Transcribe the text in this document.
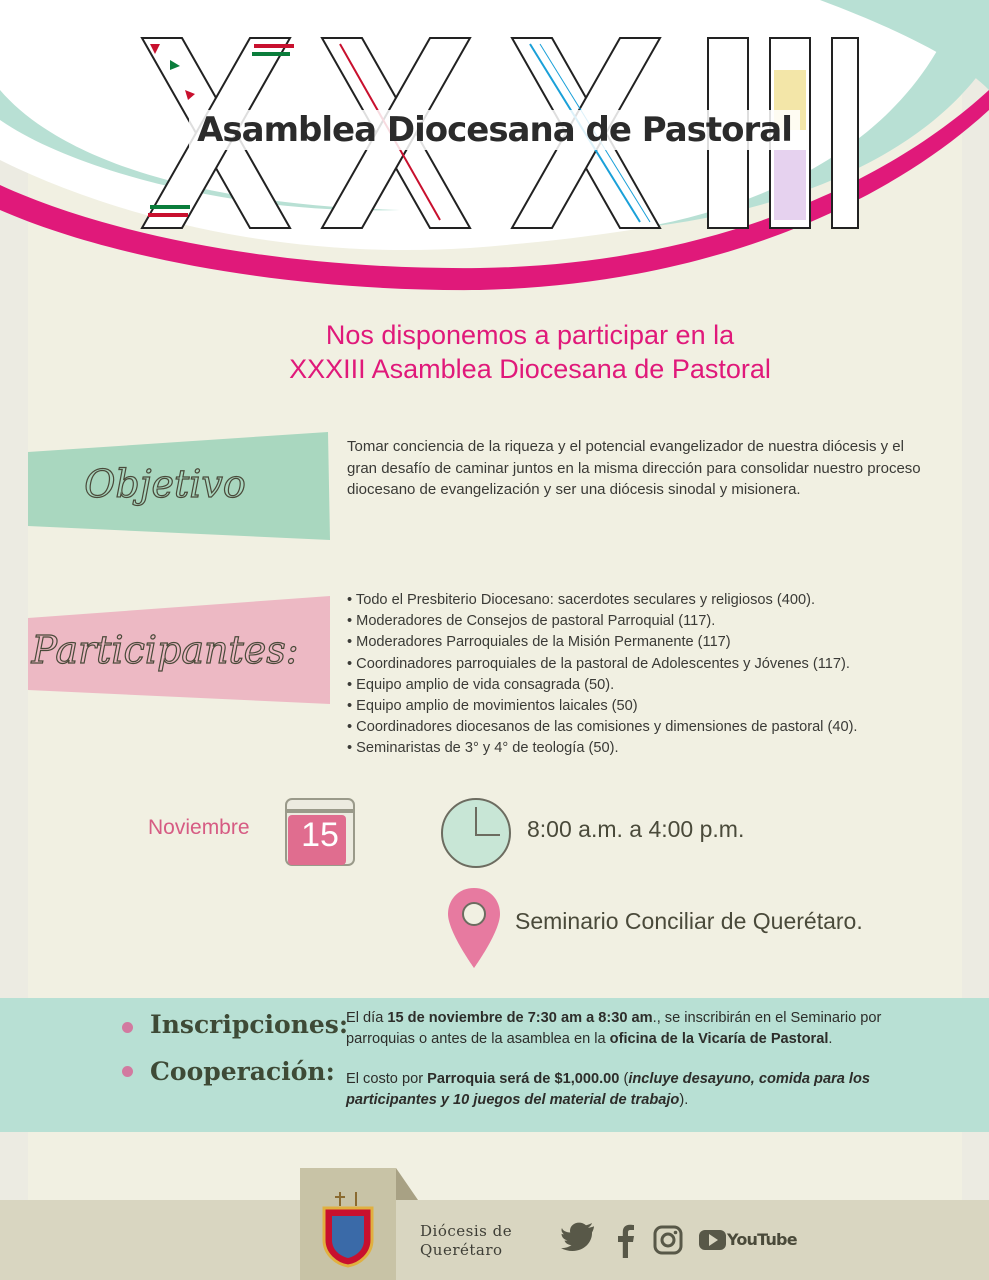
Asamblea Diocesana de Pastoral
Nos disponemos a participar en la
XXXIII Asamblea Diocesana de Pastoral
Objetivo

Tomar conciencia de la riqueza y el potencial evangelizador de nuestra diócesis y el gran desafío de caminar juntos en la misma dirección para consolidar nuestro proceso diocesano de evangelización y ser una diócesis sinodal y misionera.

Participantes:
• Todo el Presbiterio Diocesano: sacerdotes seculares y religiosos (400).
• Moderadores de Consejos de pastoral Parroquial (117).
• Moderadores Parroquiales de la Misión Permanente (117)
• Coordinadores parroquiales de la pastoral de Adolescentes y Jóvenes (117).
• Equipo amplio de vida consagrada (50).
• Equipo amplio de movimientos laicales (50)
• Coordinadores diocesanos de las comisiones y dimensiones de pastoral (40).
• Seminaristas de 3° y 4° de teología (50).
Noviembre	15	8:00 a.m. a 4:00 p.m.
Seminario Conciliar de Querétaro.
Inscripciones:
Cooperación:

El día 15 de noviembre de 7:30 am a 8:30 am., se inscribirán en el Seminario por parroquias o antes de la asamblea en la oficina de la Vicaría de Pastoral.

El costo por Parroquia será de $1,000.00 (incluye desayuno, comida para los participantes y 10 juegos del material de trabajo).

Diócesis de
Querétaro
YouTube
